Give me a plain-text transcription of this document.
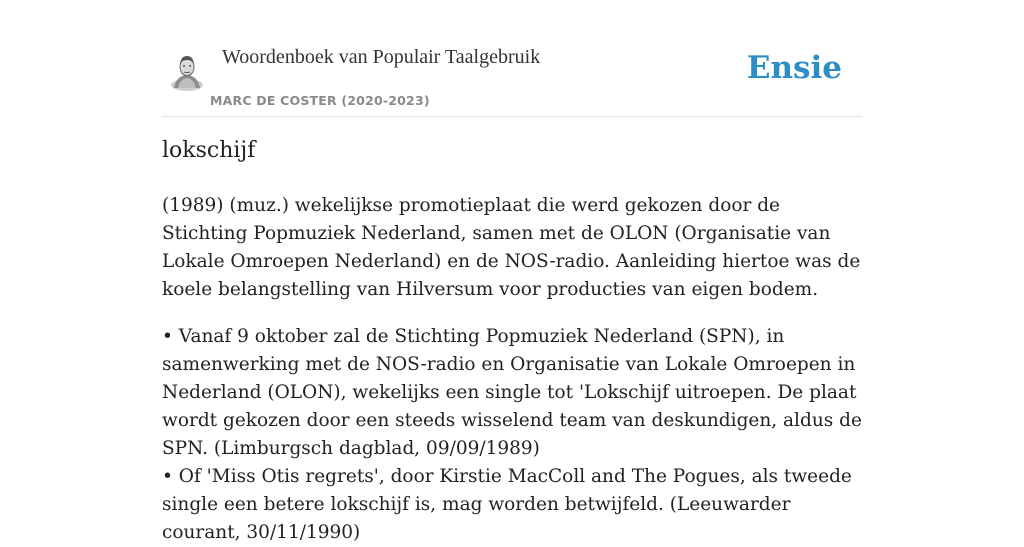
Woordenboek van Populair Taalgebruik
MARC DE COSTER (2020-2023)
Ensie
lokschijf

(1989) (muz.) wekelijkse promotieplaat die werd gekozen door de Stichting Popmuziek Nederland, samen met de OLON (Organisatie van Lokale Omroepen Nederland) en de NOS-radio. Aanleiding hiertoe was de koele belangstelling van Hilversum voor producties van eigen bodem.

• Vanaf 9 oktober zal de Stichting Popmuziek Nederland (SPN), in samenwerking met de NOS-radio en Organisatie van Lokale Omroepen in Nederland (OLON), wekelijks een single tot 'Lokschijf uitroepen. De plaat wordt gekozen door een steeds wisselend team van deskundigen, aldus de SPN. (Limburgsch dagblad, 09/09/1989)
• Of 'Miss Otis regrets', door Kirstie MacColl and The Pogues, als tweede single een betere lokschijf is, mag worden betwijfeld. (Leeuwarder courant, 30/11/1990)
